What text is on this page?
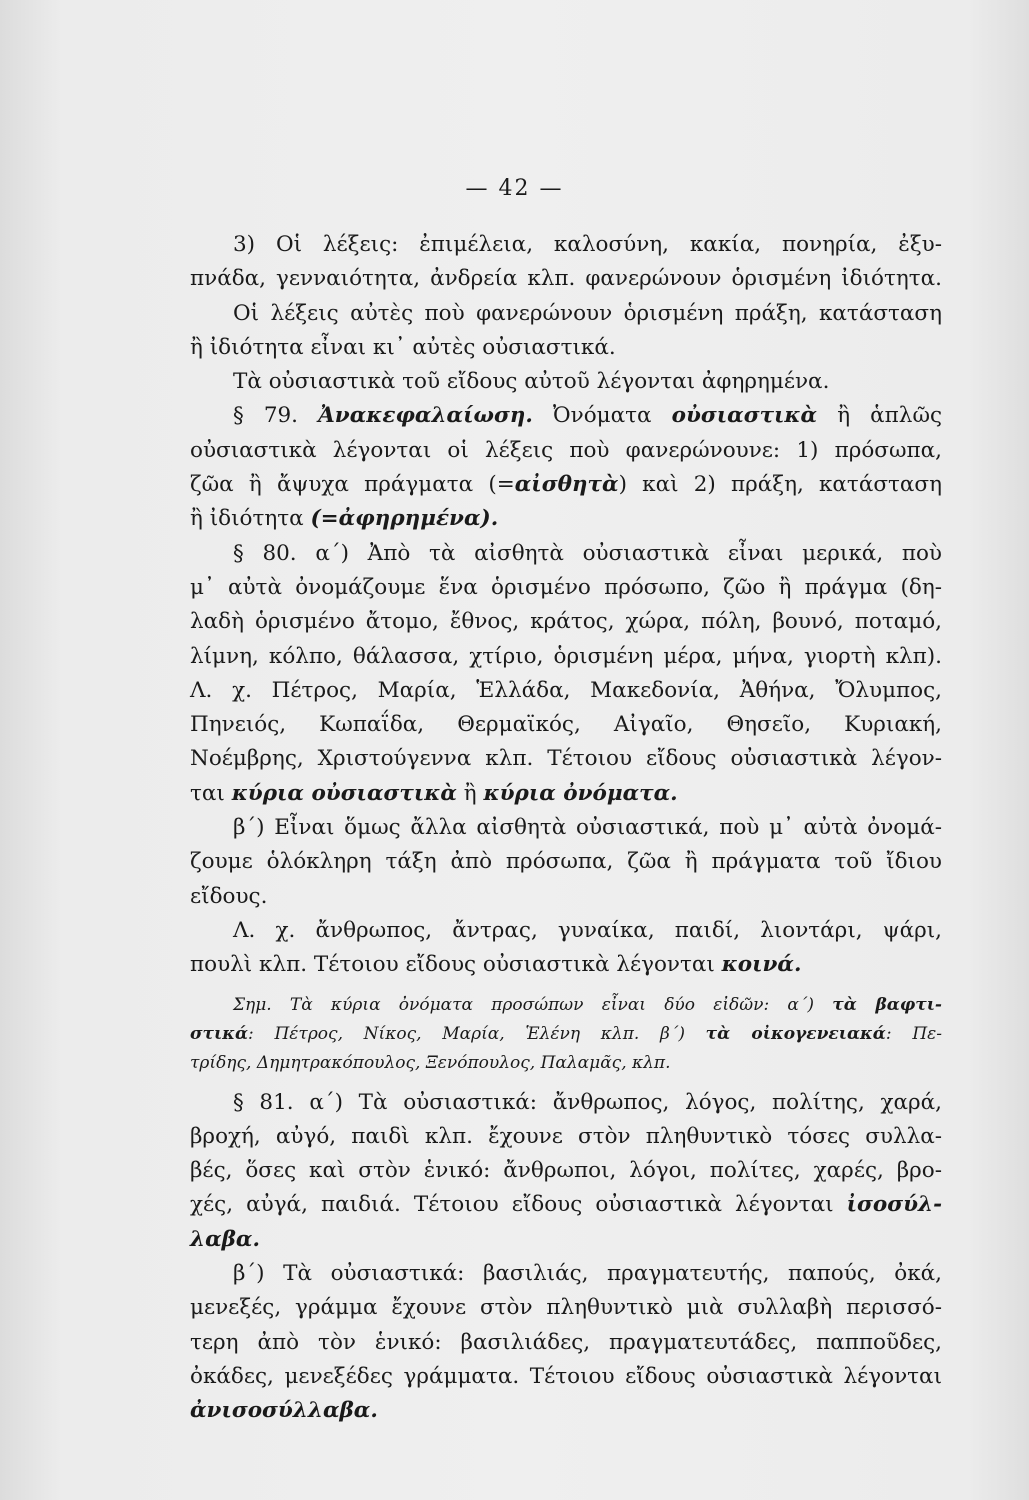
— 42 —
3) Οἱ λέξεις: ἐπιμέλεια, καλοσύνη, κακία, πονηρία, ἐξυ-
πνάδα, γενναιότητα, ἀνδρεία κλπ. φανερώνουν ὁρισμένη ἰδιότητα.
Οἱ λέξεις αὐτὲς ποὺ φανερώνουν ὁρισμένη πράξη, κατάσταση
ἢ ἰδιότητα εἶναι κι᾿ αὐτὲς οὐσιαστικά.
Τὰ οὐσιαστικὰ τοῦ εἴδους αὐτοῦ λέγονται ἀφηρημένα.
§ 79. Ἀνακεφαλαίωση. Ὀνόματα οὐσιαστικὰ ἢ ἁπλῶς
οὐσιαστικὰ λέγονται οἱ λέξεις ποὺ φανερώνουνε: 1) πρόσωπα,
ζῶα ἢ ἄψυχα πράγματα (=αἰσθητὰ) καὶ 2) πράξη, κατάσταση
ἢ ἰδιότητα (=ἀφηρημένα).
§ 80. α΄) Ἀπὸ τὰ αἰσθητὰ οὐσιαστικὰ εἶναι μερικά, ποὺ
μ᾿ αὐτὰ ὀνομάζουμε ἕνα ὁρισμένο πρόσωπο, ζῶο ἢ πράγμα (δη-
λαδὴ ὁρισμένο ἄτομο, ἔθνος, κράτος, χώρα, πόλη, βουνό, ποταμό,
λίμνη, κόλπο, θάλασσα, χτίριο, ὁρισμένη μέρα, μήνα, γιορτὴ κλπ).
Λ. χ. Πέτρος, Μαρία, Ἑλλάδα, Μακεδονία, Ἀθήνα, Ὄλυμπος,
Πηνειός, Κωπαΐδα, Θερμαϊκός, Αἰγαῖο, Θησεῖο, Κυριακή,
Νοέμβρης, Χριστούγεννα κλπ. Τέτοιου εἴδους οὐσιαστικὰ λέγον-
ται κύρια οὐσιαστικὰ ἢ κύρια ὀνόματα.
β΄) Εἶναι ὅμως ἄλλα αἰσθητὰ οὐσιαστικά, ποὺ μ᾿ αὐτὰ ὀνομά-
ζουμε ὁλόκληρη τάξη ἀπὸ πρόσωπα, ζῶα ἢ πράγματα τοῦ ἴδιου
εἴδους.
Λ. χ. ἄνθρωπος, ἄντρας, γυναίκα, παιδί, λιοντάρι, ψάρι,
πουλὶ κλπ. Τέτοιου εἴδους οὐσιαστικὰ λέγονται κοινά.
Σημ. Τὰ κύρια ὀνόματα προσώπων εἶναι δύο εἰδῶν: α΄) τὰ βαφτι-
στικά: Πέτρος, Νίκος, Μαρία, Ἑλένη κλπ. β΄) τὰ οἰκογενειακά: Πε-
τρίδης, Δημητρακόπουλος, Ξενόπουλος, Παλαμᾶς, κλπ.
§ 81. α΄) Τὰ οὐσιαστικά: ἄνθρωπος, λόγος, πολίτης, χαρά,
βροχή, αὐγό, παιδὶ κλπ. ἔχουνε στὸν πληθυντικὸ τόσες συλλα-
βές, ὅσες καὶ στὸν ἑνικό: ἄνθρωποι, λόγοι, πολίτες, χαρές, βρο-
χές, αὐγά, παιδιά. Τέτοιου εἴδους οὐσιαστικὰ λέγονται ἰσοσύλ-
λαβα.
β΄) Τὰ οὐσιαστικά: βασιλιάς, πραγματευτής, παπούς, ὀκά,
μενεξές, γράμμα ἔχουνε στὸν πληθυντικὸ μιὰ συλλαβὴ περισσό-
τερη ἀπὸ τὸν ἑνικό: βασιλιάδες, πραγματευτάδες, παπποῦδες,
ὀκάδες, μενεξέδες γράμματα. Τέτοιου εἴδους οὐσιαστικὰ λέγονται
ἀνισοσύλλαβα.
